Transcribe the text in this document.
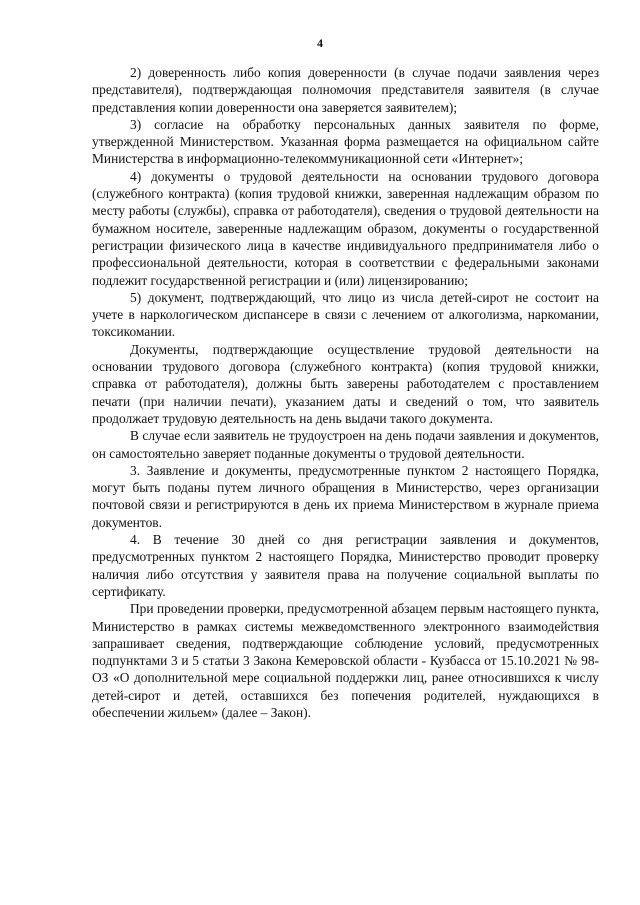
4

2) доверенность либо копия доверенности (в случае подачи заявления через представителя), подтверждающая полномочия представителя заявителя (в случае представления копии доверенности она заверяется заявителем);

3) согласие на обработку персональных данных заявителя по форме, утвержденной Министерством. Указанная форма размещается на официальном сайте Министерства в информационно-телекоммуникационной сети «Интернет»;

4) документы о трудовой деятельности на основании трудового договора (служебного контракта) (копия трудовой книжки, заверенная надлежащим образом по месту работы (службы), справка от работодателя), сведения о трудовой деятельности на бумажном носителе, заверенные надлежащим образом, документы о государственной регистрации физического лица в качестве индивидуального предпринимателя либо о профессиональной деятельности, которая в соответствии с федеральными законами подлежит государственной регистрации и (или) лицензированию;

5) документ, подтверждающий, что лицо из числа детей-сирот не состоит на учете в наркологическом диспансере в связи с лечением от алкоголизма, наркомании, токсикомании.

Документы, подтверждающие осуществление трудовой деятельности на основании трудового договора (служебного контракта) (копия трудовой книжки, справка от работодателя), должны быть заверены работодателем с проставлением печати (при наличии печати), указанием даты и сведений о том, что заявитель продолжает трудовую деятельность на день выдачи такого документа.

В случае если заявитель не трудоустроен на день подачи заявления и документов, он самостоятельно заверяет поданные документы о трудовой деятельности.

3. Заявление и документы, предусмотренные пунктом 2 настоящего Порядка, могут быть поданы путем личного обращения в Министерство, через организации почтовой связи и регистрируются в день их приема Министерством в журнале приема документов.

4. В течение 30 дней со дня регистрации заявления и документов, предусмотренных пунктом 2 настоящего Порядка, Министерство проводит проверку наличия либо отсутствия у заявителя права на получение социальной выплаты по сертификату.

При проведении проверки, предусмотренной абзацем первым настоящего пункта, Министерство в рамках системы межведомственного электронного взаимодействия запрашивает сведения, подтверждающие соблюдение условий, предусмотренных подпунктами 3 и 5 статьи 3 Закона Кемеровской области - Кузбасса от 15.10.2021 № 98-ОЗ «О дополнительной мере социальной поддержки лиц, ранее относившихся к числу детей-сирот и детей, оставшихся без попечения родителей, нуждающихся в обеспечении жильем» (далее – Закон).
